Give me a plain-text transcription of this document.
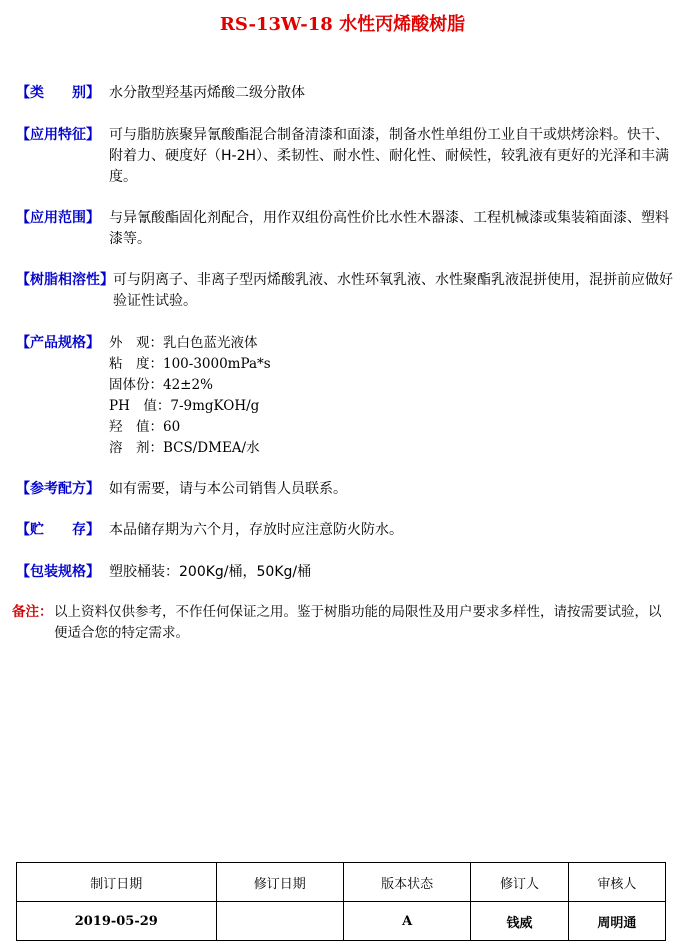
RS-13W-18 水性丙烯酸树脂
【类　　别】 水分散型羟基丙烯酸二级分散体
【应用特征】 可与脂肪族聚异氰酸酯混合制备清漆和面漆，制备水性单组份工业自干或烘烤涂料。快干、附着力、硬度好（H-2H）、柔韧性、耐水性、耐化性、耐候性，较乳液有更好的光泽和丰满度。
【应用范围】 与异氰酸酯固化剂配合，用作双组份高性价比水性木器漆、工程机械漆或集装箱面漆、塑料漆等。
【树脂相溶性】 可与阴离子、非离子型丙烯酸乳液、水性环氧乳液、水性聚酯乳液混拼使用，混拼前应做好验证性试验。
【产品规格】 外　观：乳白色蓝光液体
粘　度：100-3000mPa*s
固体份：42±2%
PH　值：7-9mgKOH/g
羟　值：60
溶　剂：BCS/DMEA/水
【参考配方】 如有需要，请与本公司销售人员联系。
【贮　　存】 本品储存期为六个月，存放时应注意防火防水。
【包装规格】 塑胶桶装：200Kg/桶，50Kg/桶
备注： 以上资料仅供参考，不作任何保证之用。鉴于树脂功能的局限性及用户要求多样性，请按需要试验，以便适合您的特定需求。
制订日期	修订日期	版本状态	修订人	审核人
2019-05-29		A	钱威	周明通
